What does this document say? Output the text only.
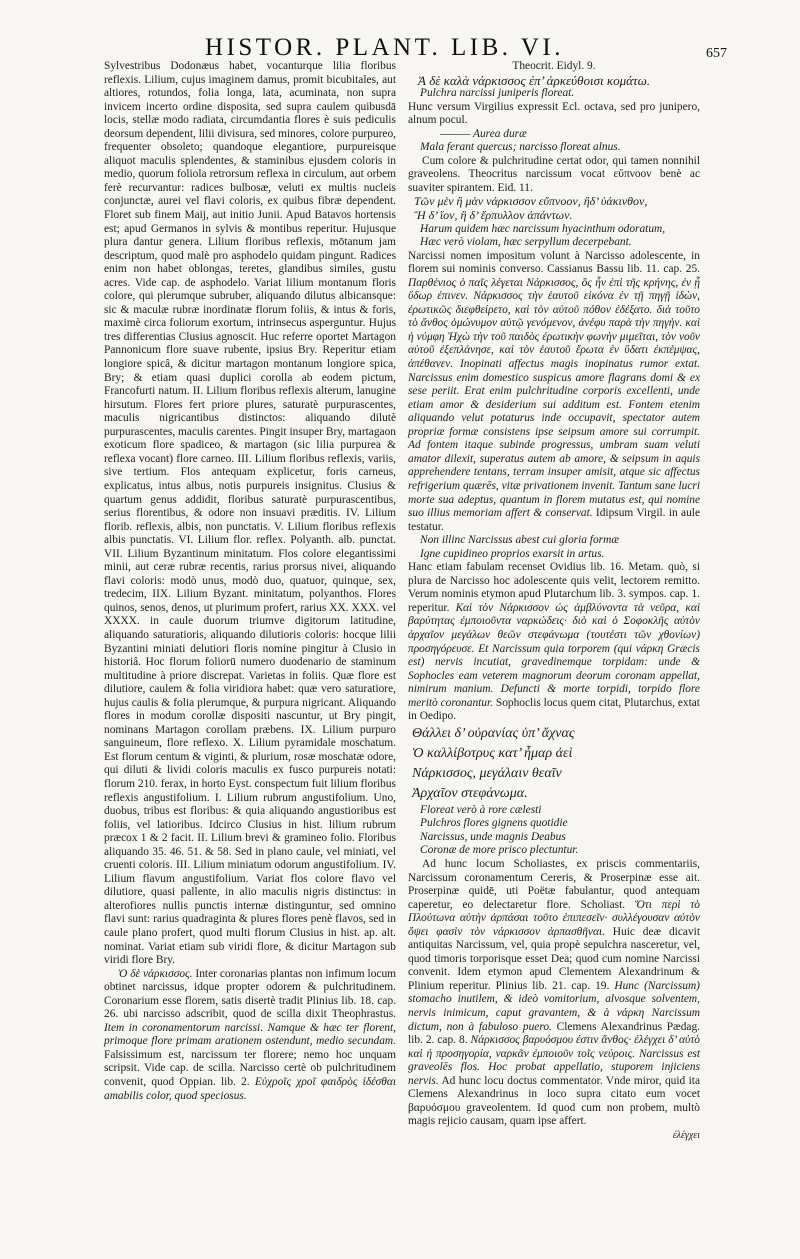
HISTOR. PLANT. LIB. VI.	657

Sylvestribus Dodonæus habet, vocanturque lilia floribus reflexis. Lilium, cujus imaginem damus, promit bicubitales, aut altiores, rotundos, folia longa, lata, acuminata, non supra invicem incerto ordine disposita, sed supra caulem quibusdā locis, stellæ modo radiata, circumdantia flores è suis pediculis deorsum dependent, lilii divisura, sed minores, colore purpureo, frequenter obsoleto; quandoque elegantiore, purpureisque aliquot maculis splendentes, & staminibus ejusdem coloris in medio, quorum foliola retrorsum reflexa in circulum, aut orbem ferè recurvantur: radices bulbosæ, veluti ex multis nucleis conjunctæ, aurei vel flavi coloris, ex quibus fibræ dependent. Floret sub finem Maij, aut initio Junii. Apud Batavos hortensis est; apud Germanos in sylvis & montibus reperitur. Hujusque plura dantur genera. Lilium floribus reflexis, mōtanum jam descriptum, quod malè pro asphodelo quidam pingunt. Radices enim non habet oblongas, teretes, glandibus similes, gustu acres. Vide cap. de asphodelo. Variat lilium montanum floris colore, qui plerumque subruber, aliquando dilutus albicansque: sic & maculæ rubræ inordinatæ florum foliis, & intus & foris, maximè circa foliorum exortum, intrinsecus asperguntur. Hujus tres differentias Clusius agnoscit. Huc referre oportet Martagon Pannonicum flore suave rubente, ipsius Bry. Reperitur etiam longiore spicâ, & dicitur martagon montanum longiore spica, Bry; & etiam quasi duplici corolla ab eodem pictum, Francofurti natum. II. Lilium floribus reflexis alterum, lanugine hirsutum. Flores fert priore plures, saturatè purpurascentes, maculis nigricantibus distinctos: aliquando dilutè purpurascentes, maculis carentes. Pingit insuper Bry, martagaon exoticum flore spadiceo, & martagon (sic lilia purpurea & reflexa vocant) flore carneo. III. Lilium floribus reflexis, variis, sive tertium. Flos antequam explicetur, foris carneus, explicatus, intus albus, notis purpureis insignitus. Clusius & quartum genus addidit, floribus saturatè purpurascentibus, serius florentibus, & odore non insuavi præditis. IV. Lilium florib. reflexis, albis, non punctatis. V. Lilium floribus reflexis albis punctatis. VI. Lilium flor. reflex. Polyanth. alb. punctat. VII. Lilium Byzantinum minitatum. Flos colore elegantissimi minii, aut ceræ rubræ recentis, rarius prorsus nivei, aliquando flavi coloris: modò unus, modò duo, quatuor, quinque, sex, tredecim, IIX. Lilium Byzant. minitatum, polyanthos. Flores quinos, senos, denos, ut plurimum profert, rarius XX. XXX. vel XXXX. in caule duorum triumve digitorum latitudine, aliquando saturatioris, aliquando dilutioris coloris: hocque lilii Byzantini miniati delutiori floris nomine pingitur à Clusio in historiâ. Hoc florum foliorū numero duodenario de staminum multitudine à priore discrepat. Varietas in foliis. Quæ flore est dilutiore, caulem & folia viridiora habet: quæ vero saturatiore, hujus caulis & folia plerumque, & purpura nigricant. Aliquando flores in modum corollæ dispositi nascuntur, ut Bry pingit, nominans Martagon corollam præbens. IX. Lilium purpuro sanguineum, flore reflexo. X. Lilium pyramidale moschatum. Est florum centum & viginti, & plurium, rosæ moschatæ odore, qui diluti & lividi coloris maculis ex fusco purpureis notati: florum 210. ferax, in horto Eyst. conspectum fuit lilium floribus reflexis angustifolium. I. Lilium rubrum angustifolium. Uno, duobus, tribus est floribus: & quia aliquando angustioribus est foliis, vel latioribus. Idcirco Clusius in hist. lilium rubrum præcox 1 & 2 facit. II. Lilium brevi & gramineo folio. Floribus aliquando 35. 46. 51. & 58. Sed in plano caule, vel miniati, vel cruenti coloris. III. Lilium miniatum odorum angustifolium. IV. Lilium flavum angustifolium. Variat flos colore flavo vel dilutiore, quasi pallente, in alio maculis nigris distinctus: in alterofiores nullis punctis internæ distinguntur, sed omnino flavi sunt: rarius quadraginta & plures flores penè flavos, sed in caule plano profert, quod multi florum Clusius in hist. ap. alt. nominat. Variat etiam sub viridi flore, & dicitur Martagon sub viridi flore Bry.

Ὁ δὲ νάρκισσος. Inter coronarias plantas non infimum locum obtinet narcissus, idque propter odorem & pulchritudinem. Coronarium esse florem, satis disertè tradit Plinius lib. 18. cap. 26. ubi narcisso adscribit, quod de scilla dixit Theophrastus. Item in coronamentorum narcissi. Namque & hæc ter florent, primoque flore primam arationem ostendunt, medio secundam. Falsissimum est, narcissum ter florere; nemo hoc unquam scripsit. Vide cap. de scilla. Narcisso certè ob pulchritudinem convenit, quod Oppian. lib. 2. Εὐχροῖς χροῖ φαιδρὸς ἰδέσθαι amabilis color, quod speciosus.

Theocrit. Eidyl. 9.

Ἀ δὲ καλὰ νάρκισσος ἐπ’ ἀρκεύθοισι κομάτω.

Pulchra narcissi juniperis floreat.

Hunc versum Virgilius expressit Ecl. octava, sed pro junipero, alnum pocul.

——— Aurea duræ

Mala ferant quercus; narcisso floreat alnus.

Cum colore & pulchritudine certat odor, qui tamen nonnihil graveolens. Theocritus narcissum vocat εὔπνοον benè ac suaviter spirantem. Eid. 11.

Τῶν μὲν ἢ μὰν νάρκισσον εὔπνοον, ἢδ’ ὑάκινθον,

Ἢ δ’ ἴον, ἢ δ’ ἕρπυλλον ἀπάντων.

Harum quidem hæc narcissum hyacinthum odoratum,

Hæc verò violam, hæc serpyllum decerpebant.

Narcissi nomen impositum volunt à Narcisso adolescente, in florem sui nominis converso. Cassianus Bassu lib. 11. cap. 25. Παρθένιος ὁ παῖς λέγεται Νάρκισσος, ὃς ἦν ἐπὶ τῆς κρήνης, ἐν ᾗ ὕδωρ ἐπινεν. Νάρκισσος τὴν ἑαυτοῦ εἰκόνα ἐν τῇ πηγῇ ἰδὼν, ἐρωτικῶς διεφθείρετο, καὶ τὸν αὐτοῦ πόθον ἐδέξατο. διὰ τοῦτο τὸ ἄνθος ὁμώνυμον αὐτῷ γενόμενον, ἀνέφυ παρὰ τὴν πηγὴν. καὶ ἡ νύμφη Ἠχὼ τὴν τοῦ παιδὸς ἐρωτικὴν φωνὴν μιμεῖται, τὸν νοῦν αὐτοῦ ἐξεπλάνησε, καὶ τὸν ἑαυτοῦ ἔρωτα ἐν ὕδατι ἐκπέμψας, ἀπέθανεν. Inopinati affectus magis inopinatus rumor extat. Narcissus enim domestico suspicus amore flagrans domi & ex sese periit. Erat enim pulchritudine corporis excellenti, unde etiam amor & desiderium sui additum est. Fontem etenim aliquando velut potaturus inde occupavit, spectator autem propriæ formæ consistens ipse seipsum amore sui corrumpit. Ad fontem itaque subinde progressus, umbram suam veluti amator dilexit, superatus autem ab amore, & seipsum in aquis apprehendere tentans, terram insuper amisit, atque sic affectus refrigerium quærēs, vitæ privationem invenit. Tantum sane lucri morte sua adeptus, quantum in florem mutatus est, qui nomine suo illius memoriam affert & conservat. Idipsum Virgil. in aule testatur.

Non illinc Narcissus abest cui gloria formæ

Igne cupidineo proprios exarsit in artus.

Hanc etiam fabulam recenset Ovidius lib. 16. Metam. quò, si plura de Narcisso hoc adolescente quis velit, lectorem remitto. Verum nominis etymon apud Plutarchum lib. 3. sympos. cap. 1. reperitur. Καὶ τὸν Νάρκισσον ὡς ἀμβλύνοντα τὰ νεῦρα, καὶ βαρύτητας ἐμποιοῦντα ναρκώδεις· διὸ καὶ ὁ Σοφοκλῆς αὐτὸν ἀρχαῖον μεγάλων θεῶν στεφάνωμα (τουτέστι τῶν χθονίων) προσηγόρευσε. Et Narcissum quia torporem (qui νάρκη Græcis est) nervis incutiat, gravedinemque torpidam: unde & Sophocles eam veterem magnorum deorum coronam appellat, nimirum manium. Defuncti & morte torpidi, torpido flore meritò coronantur. Sophoclis locus quem citat, Plutarchus, extat in Oedipo.

Θάλλει δ’ οὐρανίας ὑπ’ ἄχνας

Ὁ καλλίβοτρυς κατ’ ἦμαρ ἀεὶ

Νάρκισσος, μεγάλαιν θεαῖν

Ἀρχαῖον στεφάνωμα.

Floreat verò à rore cælesti

Pulchros flores gignens quotidie

Narcissus, unde magnis Deabus

Coronæ de more prisco plectuntur.

Ad hunc locum Scholiastes, ex priscis commentariis, Narcissum coronamentum Cereris, & Proserpinæ esse ait. Proserpinæ quidē, uti Poëtæ fabulantur, quod antequam caperetur, eo delectaretur flore. Scholiast. Ὅτι περὶ τὸ Πλούτωνα αὐτὴν ἁρπάσαι τοῦτο ἐπιπεσεῖν· συλλέγουσαν αὐτὸν ὄψει φασὶν τὸν νάρκισσον ἁρπασθῆναι. Huic deæ dicavit antiquitas Narcissum, vel, quia propè sepulchra nasceretur, vel, quod timoris torporisque esset Dea; quod cum nomine Narcissi convenit. Idem etymon apud Clementem Alexandrinum & Plinium reperitur. Plinius lib. 21. cap. 19. Hunc (Narcissum) stomacho inutilem, & ideò vomitorium, alvosque solventem, nervis inimicum, caput gravantem, & à νάρκη Narcissum dictum, non à fabuloso puero. Clemens Alexandrinus Pædag. lib. 2. cap. 8. Νάρκισσος βαρυόσμου ἐστιν ἄνθος· ἐλέγχει δ’ αὐτὸ καὶ ἡ προσηγορία, ναρκᾶν ἐμποιοῦν τοῖς νεύροις. Narcissus est graveolēs flos. Hoc probat appellatio, stuporem injiciens nervis. Ad hunc locu doctus commentator. Vnde miror, quid ita Clemens Alexandrinus in loco supra citato eum vocet βαρυόσμου graveolentem. Id quod cum non probem, multò magis rejicio causam, quam ipse affert.

ἐλέγχει
